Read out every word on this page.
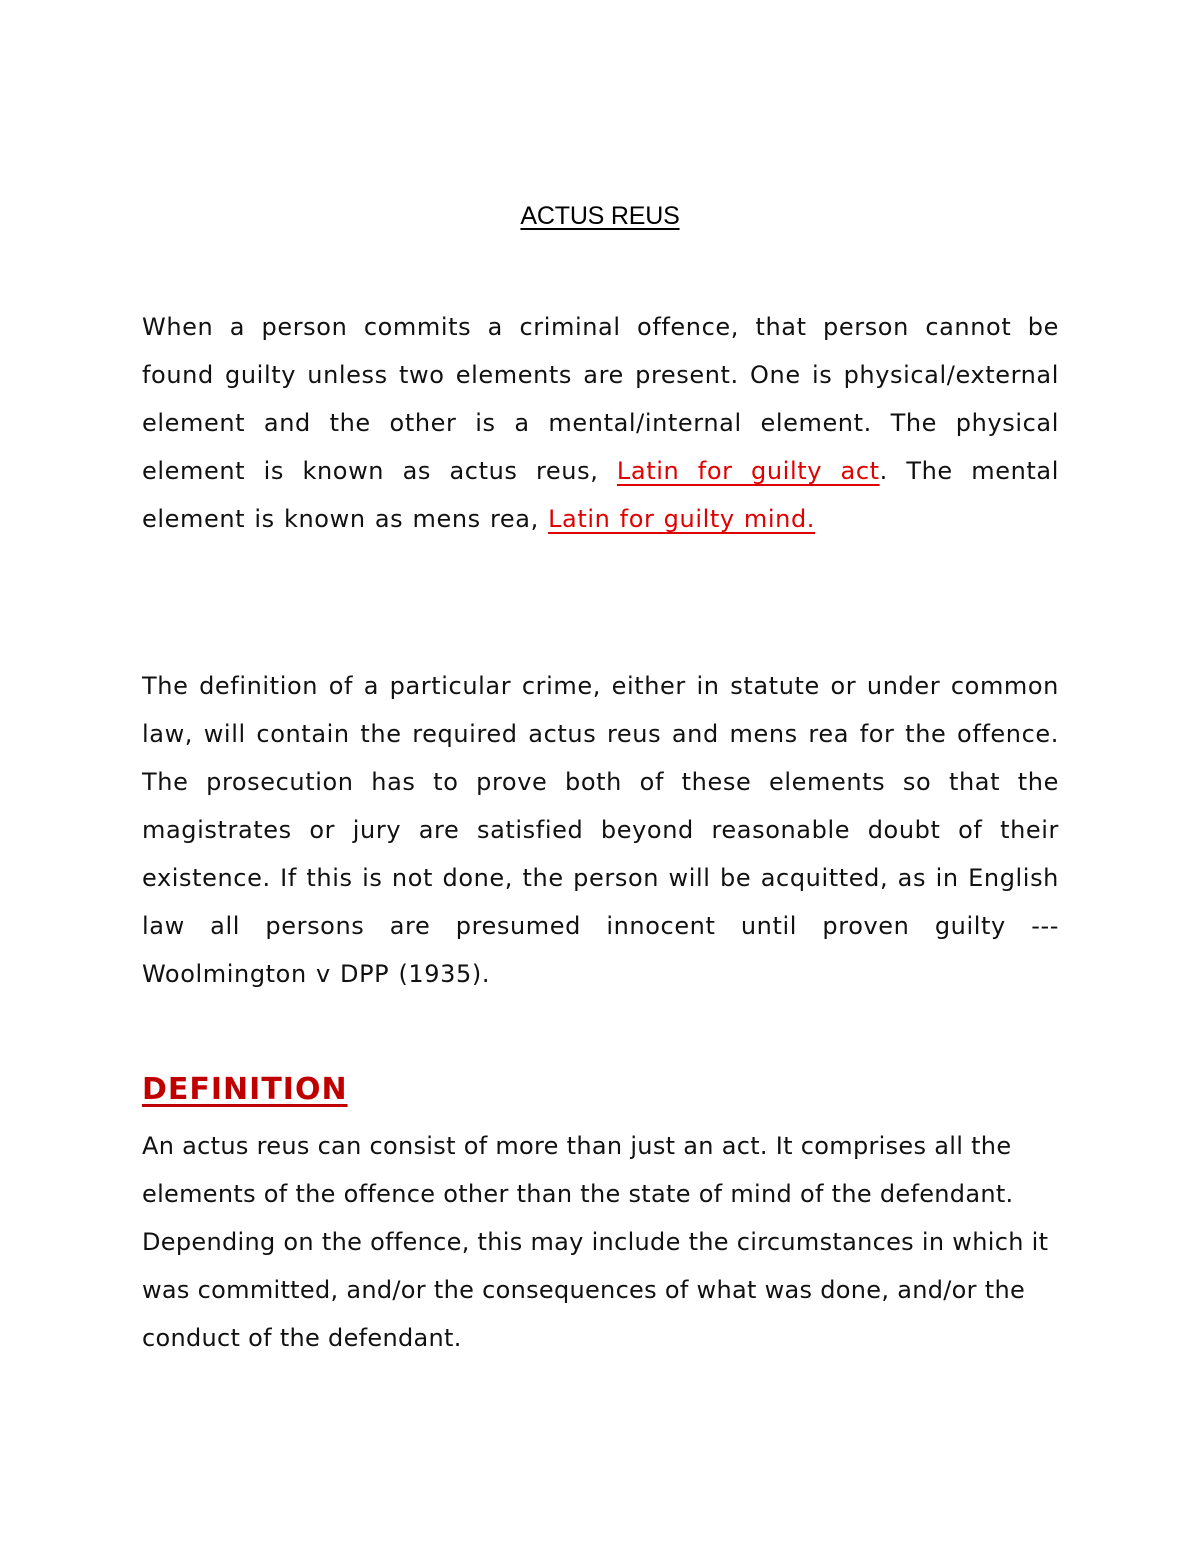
ACTUS REUS

When a person commits a criminal offence, that person cannot be found guilty unless two elements are present. One is physical/external element and the other is a mental/internal element. The physical element is known as actus reus, Latin for guilty act. The mental element is known as mens rea, Latin for guilty mind.

The definition of a particular crime, either in statute or under common law, will contain the required actus reus and mens rea for the offence. The prosecution has to prove both of these elements so that the magistrates or jury are satisfied beyond reasonable doubt of their existence. If this is not done, the person will be acquitted, as in English law all persons are presumed innocent until proven guilty ---Woolmington v DPP (1935).

DEFINITION

An actus reus can consist of more than just an act. It comprises all the elements of the offence other than the state of mind of the defendant. Depending on the offence, this may include the circumstances in which it was committed, and/or the consequences of what was done, and/or the conduct of the defendant.
